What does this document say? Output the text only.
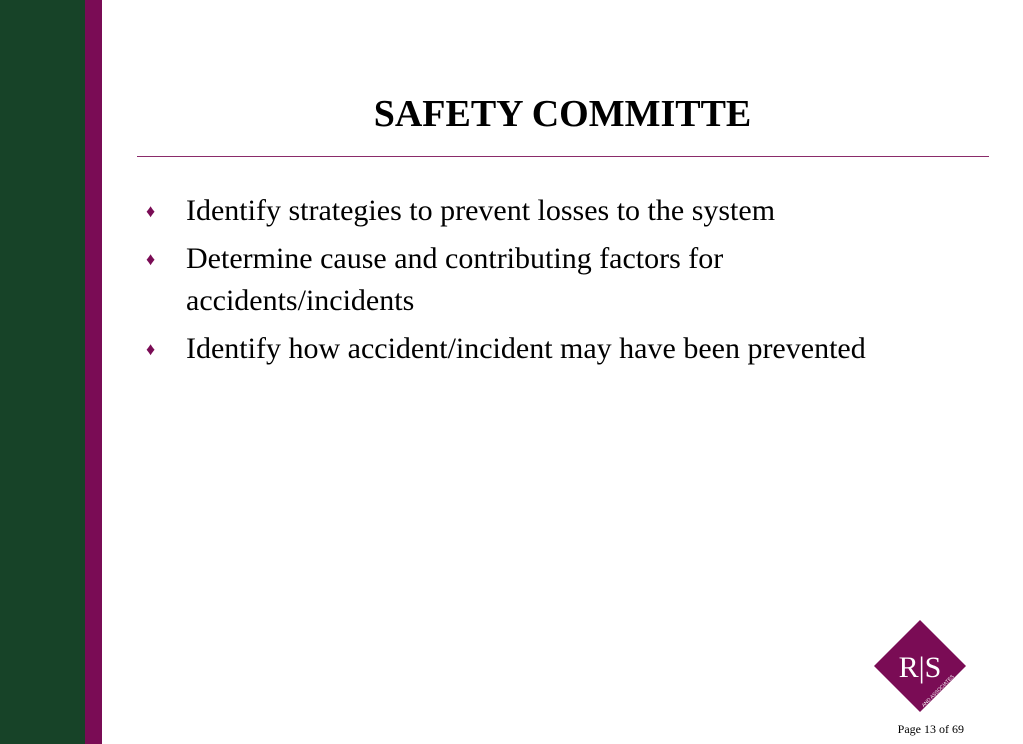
SAFETY COMMITTE
♦ Identify strategies to prevent losses to the system
♦ Determine cause and contributing factors for accidents/incidents
♦ Identify how accident/incident may have been prevented
R|S
AND ASSOCIATES
Page 13 of 69
